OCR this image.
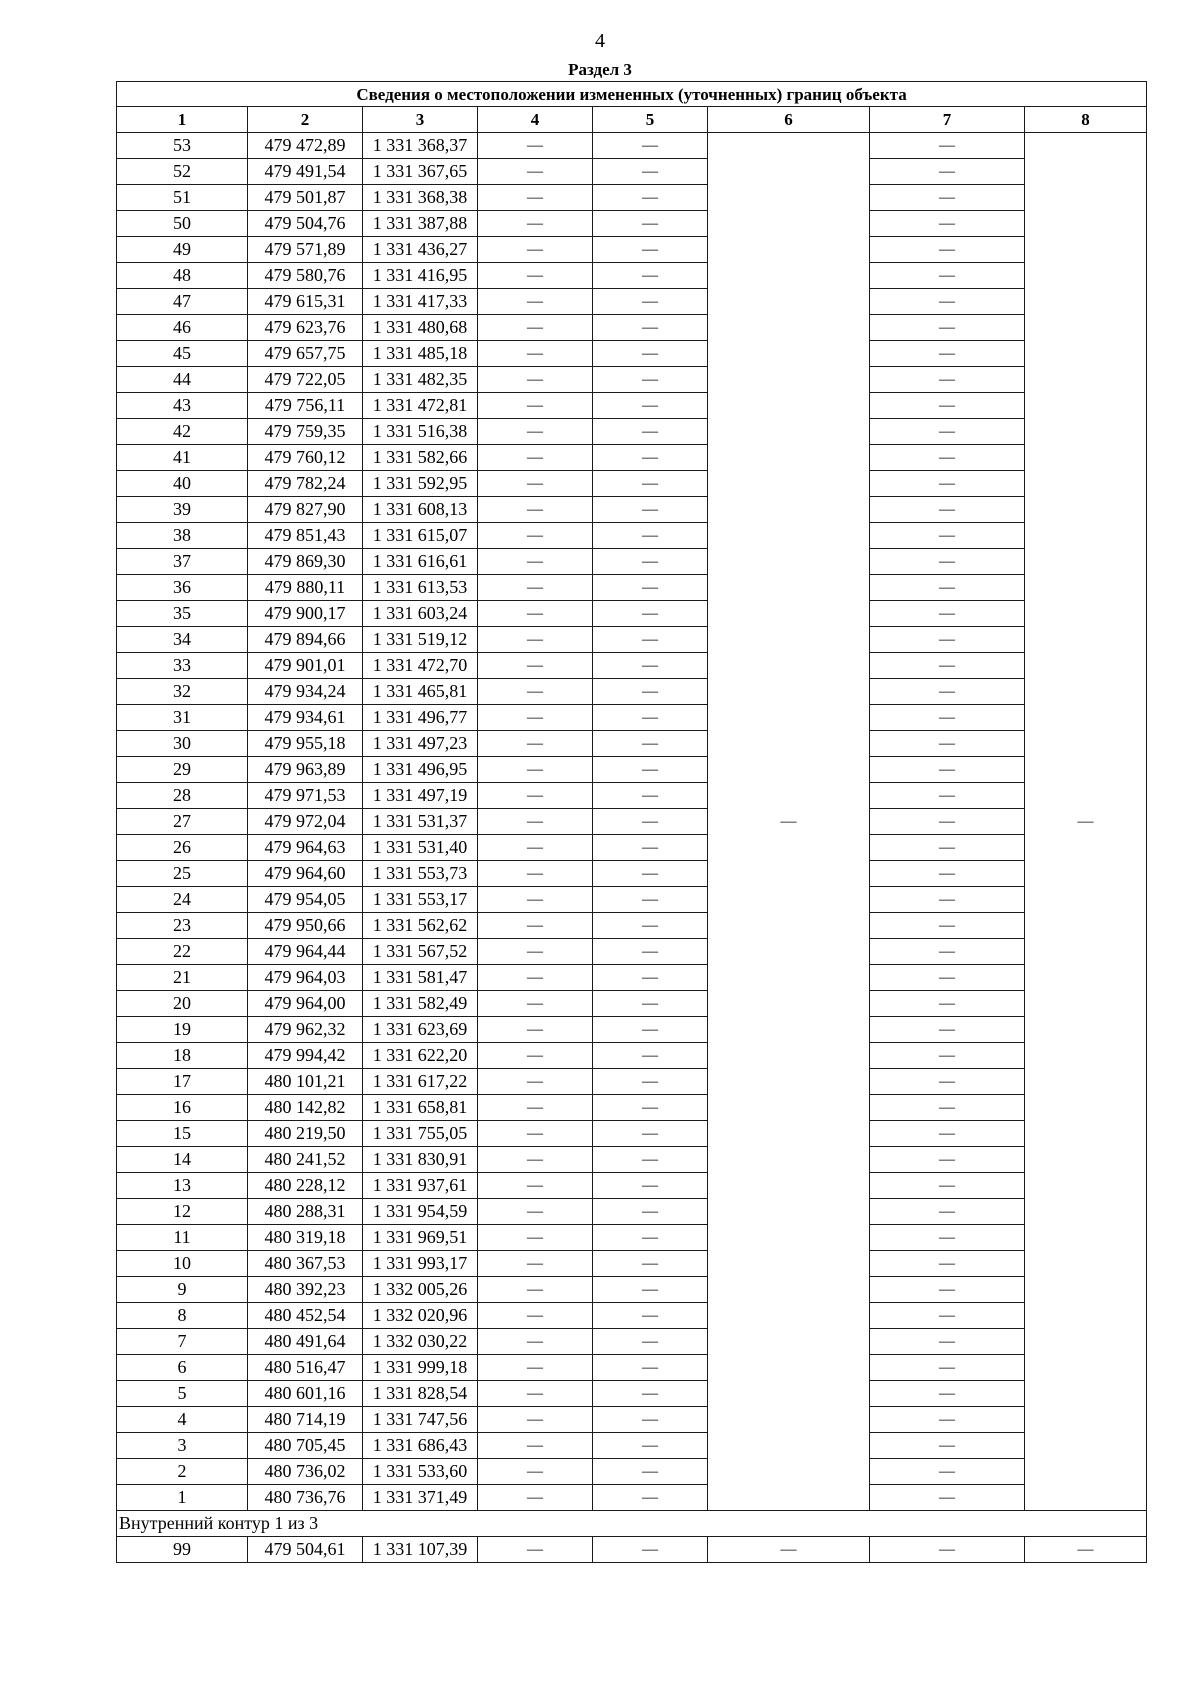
4
Раздел 3
Сведения о местоположении измененных (уточненных) границ объекта							
1	2	3	4	5	6	7	8
53	479 472,89	1 331 368,37	—	—	—	—	—
52	479 491,54	1 331 367,65	—	—		—	
51	479 501,87	1 331 368,38	—	—		—	
50	479 504,76	1 331 387,88	—	—		—	
49	479 571,89	1 331 436,27	—	—		—	
48	479 580,76	1 331 416,95	—	—		—	
47	479 615,31	1 331 417,33	—	—		—	
46	479 623,76	1 331 480,68	—	—		—	
45	479 657,75	1 331 485,18	—	—		—	
44	479 722,05	1 331 482,35	—	—		—	
43	479 756,11	1 331 472,81	—	—		—	
42	479 759,35	1 331 516,38	—	—		—	
41	479 760,12	1 331 582,66	—	—		—	
40	479 782,24	1 331 592,95	—	—		—	
39	479 827,90	1 331 608,13	—	—		—	
38	479 851,43	1 331 615,07	—	—		—	
37	479 869,30	1 331 616,61	—	—		—	
36	479 880,11	1 331 613,53	—	—		—	
35	479 900,17	1 331 603,24	—	—		—	
34	479 894,66	1 331 519,12	—	—		—	
33	479 901,01	1 331 472,70	—	—		—	
32	479 934,24	1 331 465,81	—	—		—	
31	479 934,61	1 331 496,77	—	—		—	
30	479 955,18	1 331 497,23	—	—		—	
29	479 963,89	1 331 496,95	—	—		—	
28	479 971,53	1 331 497,19	—	—		—	
27	479 972,04	1 331 531,37	—	—		—	
26	479 964,63	1 331 531,40	—	—		—	
25	479 964,60	1 331 553,73	—	—		—	
24	479 954,05	1 331 553,17	—	—		—	
23	479 950,66	1 331 562,62	—	—		—	
22	479 964,44	1 331 567,52	—	—		—	
21	479 964,03	1 331 581,47	—	—		—	
20	479 964,00	1 331 582,49	—	—		—	
19	479 962,32	1 331 623,69	—	—		—	
18	479 994,42	1 331 622,20	—	—		—	
17	480 101,21	1 331 617,22	—	—		—	
16	480 142,82	1 331 658,81	—	—		—	
15	480 219,50	1 331 755,05	—	—		—	
14	480 241,52	1 331 830,91	—	—		—	
13	480 228,12	1 331 937,61	—	—		—	
12	480 288,31	1 331 954,59	—	—		—	
11	480 319,18	1 331 969,51	—	—		—	
10	480 367,53	1 331 993,17	—	—		—	
9	480 392,23	1 332 005,26	—	—		—	
8	480 452,54	1 332 020,96	—	—		—	
7	480 491,64	1 332 030,22	—	—		—	
6	480 516,47	1 331 999,18	—	—		—	
5	480 601,16	1 331 828,54	—	—		—	
4	480 714,19	1 331 747,56	—	—		—	
3	480 705,45	1 331 686,43	—	—		—	
2	480 736,02	1 331 533,60	—	—		—	
1	480 736,76	1 331 371,49	—	—		—	
Внутренний контур 1 из 3							
99	479 504,61	1 331 107,39	—	—	—	—	—
